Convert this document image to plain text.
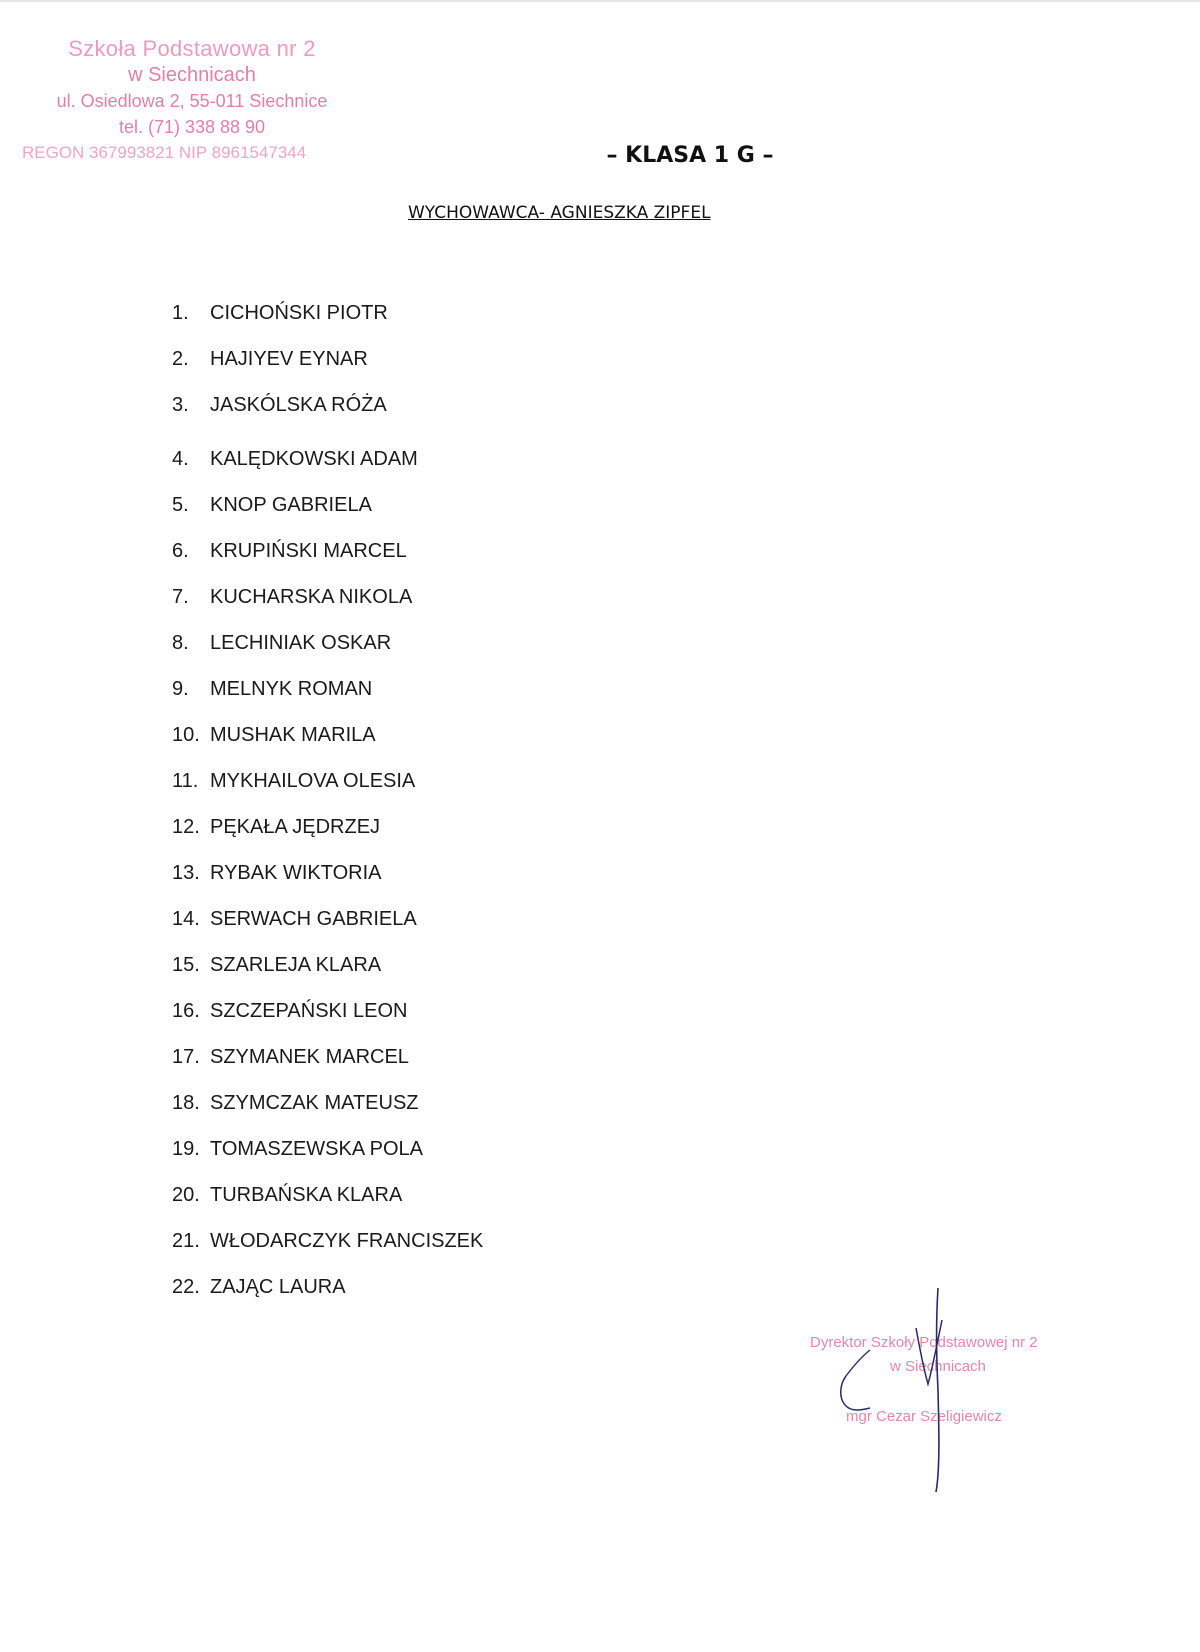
Szkoła Podstawowa nr 2
w Siechnicach
ul. Osiedlowa 2, 55-011 Siechnice
tel. (71) 338 88 90
REGON 367993821 NIP 8961547344	– KLASA 1 G –
WYCHOWAWCA- AGNIESZKA ZIPFEL
1. CICHOŃSKI PIOTR
2. HAJIYEV EYNAR
3. JASKÓLSKA RÓŻA
4. KALĘDKOWSKI ADAM
5. KNOP GABRIELA
6. KRUPIŃSKI MARCEL
7. KUCHARSKA NIKOLA
8. LECHINIAK OSKAR
9. MELNYK ROMAN
10. MUSHAK MARILA
11. MYKHAILOVA OLESIA
12. PĘKAŁA JĘDRZEJ
13. RYBAK WIKTORIA
14. SERWACH GABRIELA
15. SZARLEJA KLARA
16. SZCZEPAŃSKI LEON
17. SZYMANEK MARCEL
18. SZYMCZAK MATEUSZ
19. TOMASZEWSKA POLA
20. TURBAŃSKA KLARA
21. WŁODARCZYK FRANCISZEK
22. ZAJĄC LAURA
Dyrektor Szkoły Podstawowej nr 2
w Siechnicach
mgr Cezar Szeligiewicz
